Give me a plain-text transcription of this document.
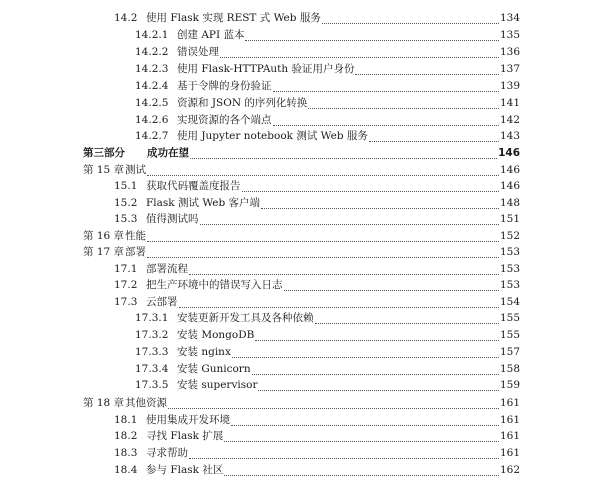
14.2 使用 Flask 实现 REST 式 Web 服务	134
14.2.1 创建 API 蓝本	135
14.2.2 错误处理	136
14.2.3 使用 Flask-HTTPAuth 验证用户身份	137
14.2.4 基于令牌的身份验证	139
14.2.5 资源和 JSON 的序列化转换	141
14.2.6 实现资源的各个端点	142
14.2.7 使用 Jupyter notebook 测试 Web 服务	143
第三部分	成功在望	146
第 15 章 测试	146
15.1 获取代码覆盖度报告	146
15.2 Flask 测试 Web 客户端	148
15.3 值得测试吗	151
第 16 章 性能	152
第 17 章 部署	153
17.1 部署流程	153
17.2 把生产环境中的错误写入日志	153
17.3 云部署	154
17.3.1 安装更新开发工具及各种依赖	155
17.3.2 安装 MongoDB	155
17.3.3 安装 nginx	157
17.3.4 安装 Gunicorn	158
17.3.5 安装 supervisor	159
第 18 章 其他资源	161
18.1 使用集成开发环境	161
18.2 寻找 Flask 扩展	161
18.3 寻求帮助	161
18.4 参与 Flask 社区	162
